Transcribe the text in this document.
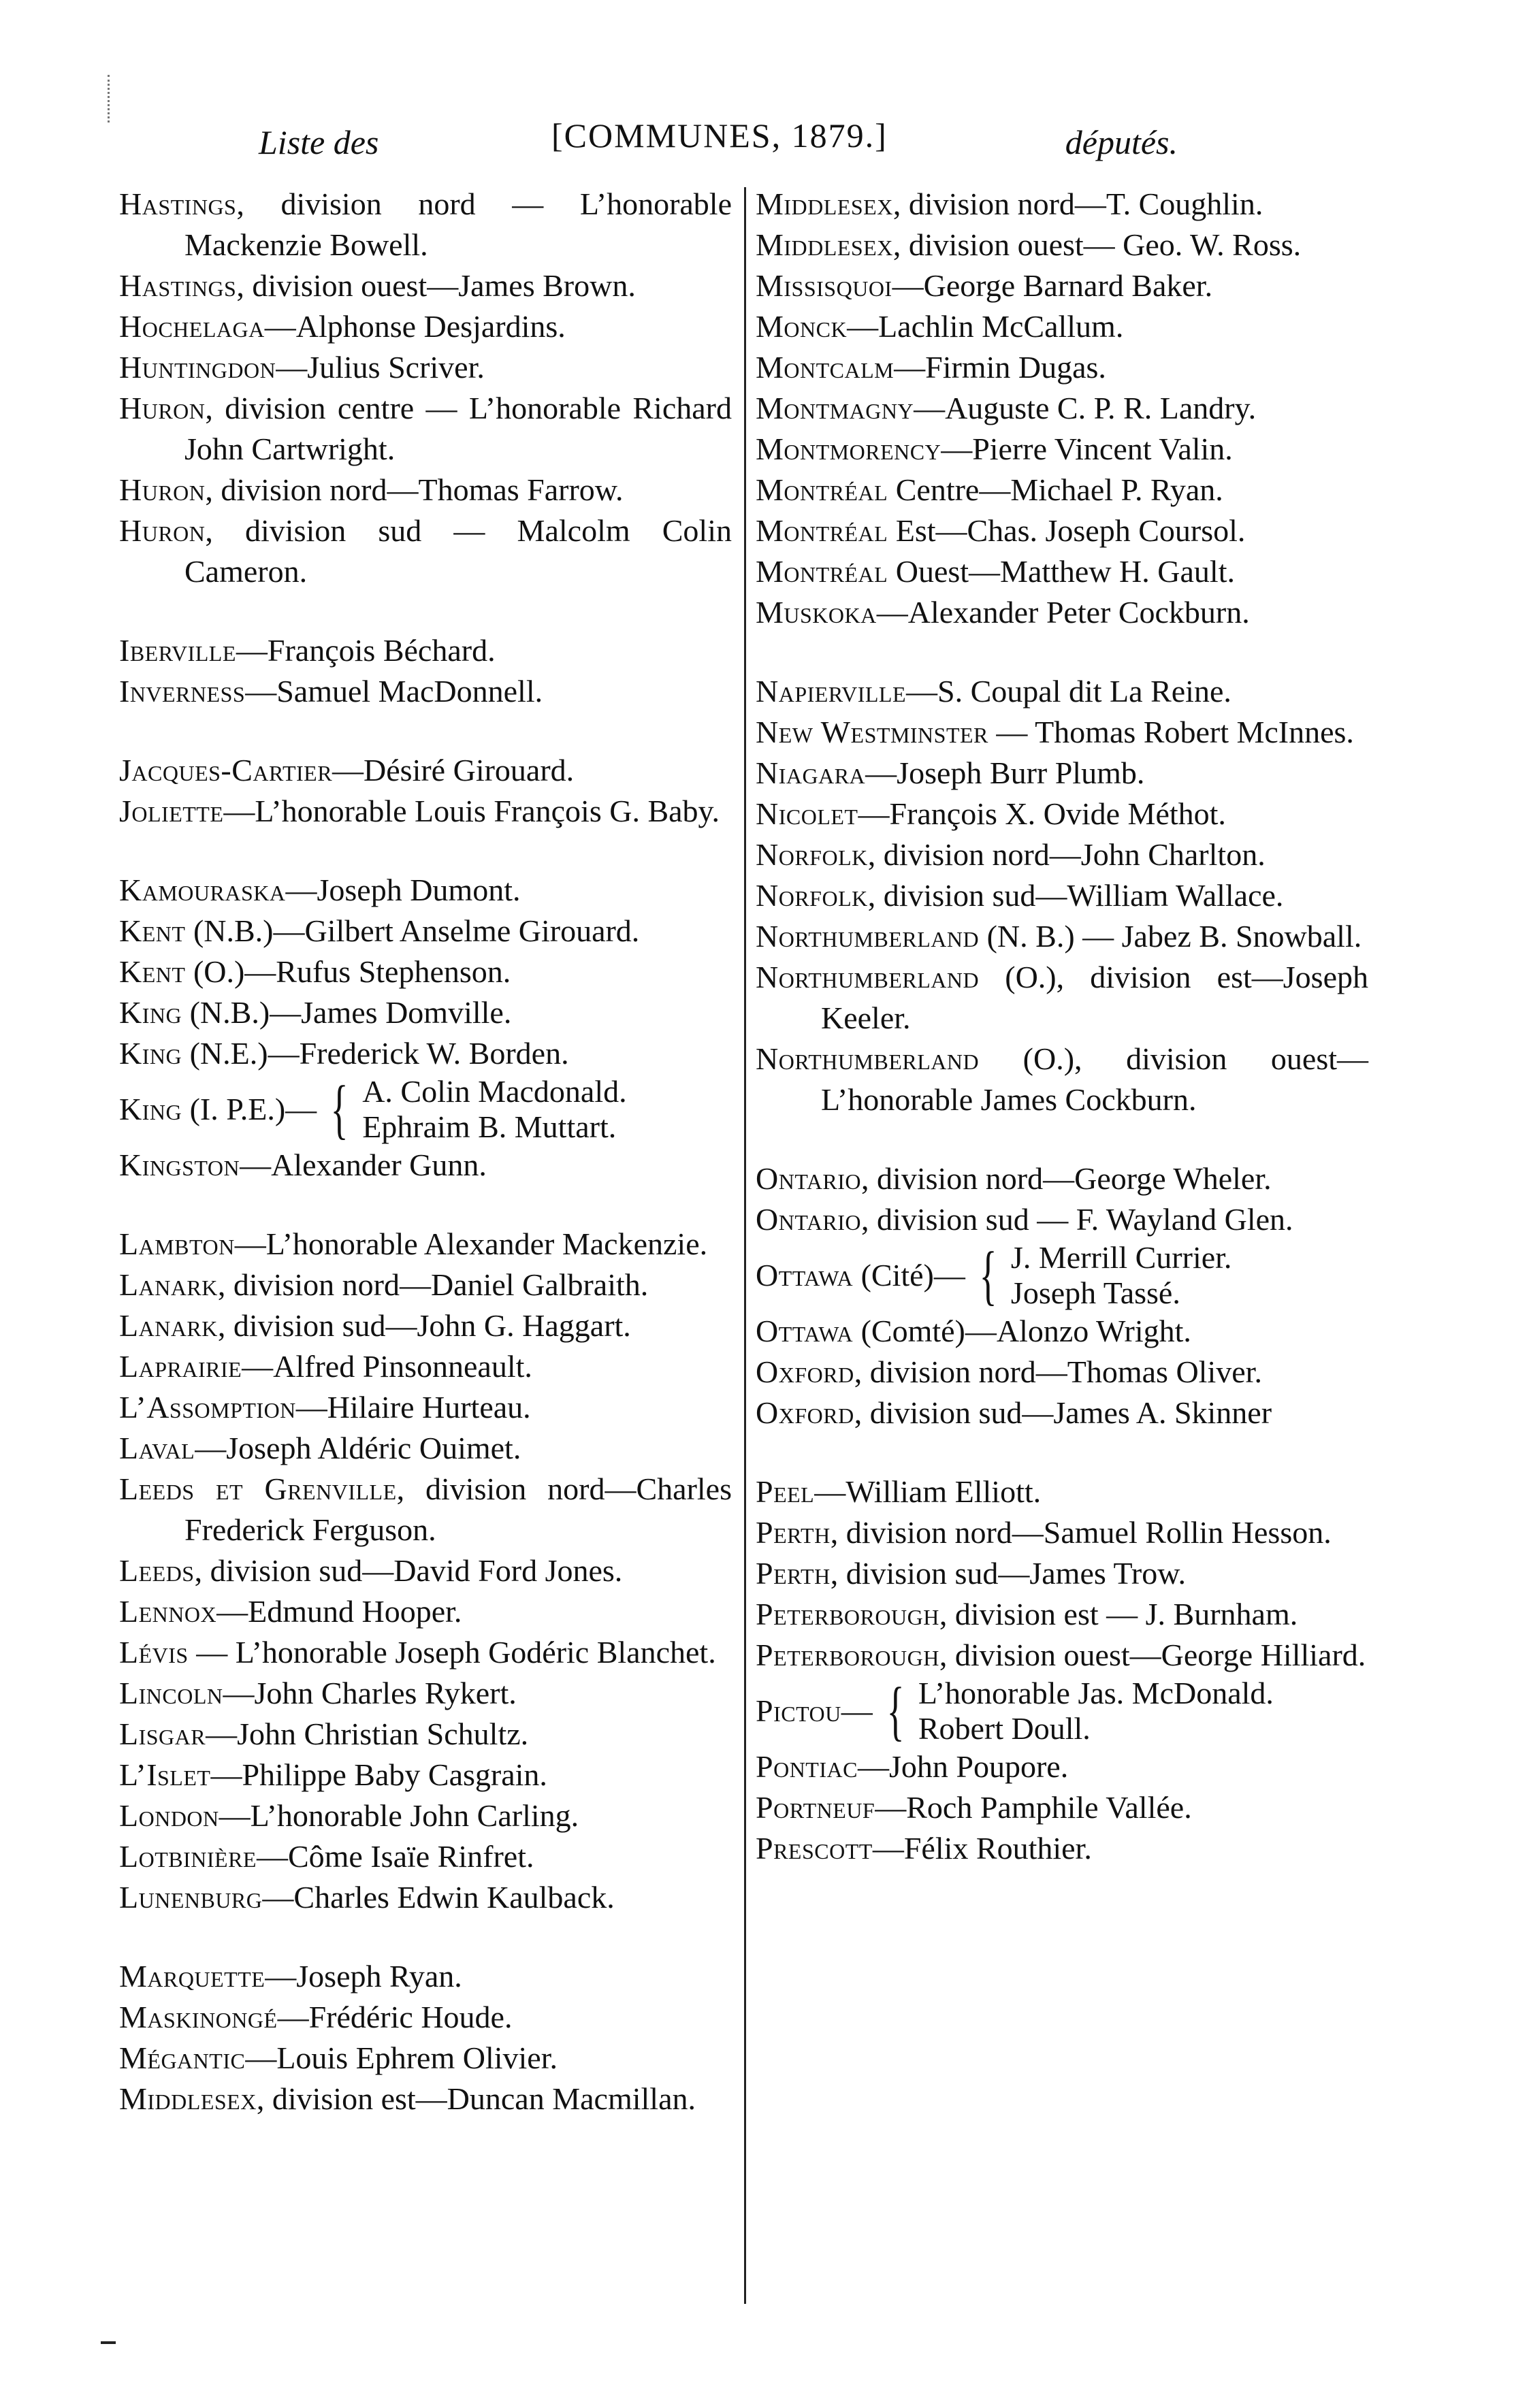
Liste des	[COMMUNES, 1879.]	députés.
Hastings, division nord — L’honorable Mackenzie Bowell.
Hastings, division ouest—James Brown.
Hochelaga—Alphonse Desjardins.
Huntingdon—Julius Scriver.
Huron, division centre — L’honorable Richard John Cartwright.
Huron, division nord—Thomas Farrow.
Huron, division sud — Malcolm Colin Cameron.
Iberville—François Béchard.
Inverness—Samuel MacDonnell.
Jacques-Cartier—Désiré Girouard.
Joliette—L’honorable Louis François G. Baby.
Kamouraska—Joseph Dumont.
Kent (N.B.)—Gilbert Anselme Girouard.
Kent (O.)—Rufus Stephenson.
King (N.B.)—James Domville.
King (N.E.)—Frederick W. Borden.
King (I. P.E.)— { A. Colin Macdonald.
Ephraim B. Muttart.
Kingston—Alexander Gunn.
Lambton—L’honorable Alexander Mackenzie.
Lanark, division nord—Daniel Galbraith.
Lanark, division sud—John G. Haggart.
Laprairie—Alfred Pinsonneault.
L’Assomption—Hilaire Hurteau.
Laval—Joseph Aldéric Ouimet.
Leeds et Grenville, division nord—Charles Frederick Ferguson.
Leeds, division sud—David Ford Jones.
Lennox—Edmund Hooper.
Lévis — L’honorable Joseph Godéric Blanchet.
Lincoln—John Charles Rykert.
Lisgar—John Christian Schultz.
L’Islet—Philippe Baby Casgrain.
London—L’honorable John Carling.
Lotbinière—Côme Isaïe Rinfret.
Lunenburg—Charles Edwin Kaulback.
Marquette—Joseph Ryan.
Maskinongé—Frédéric Houde.
Mégantic—Louis Ephrem Olivier.
Middlesex, division est—Duncan Macmillan.
Middlesex, division nord—T. Coughlin.
Middlesex, division ouest— Geo. W. Ross.
Missisquoi—George Barnard Baker.
Monck—Lachlin McCallum.
Montcalm—Firmin Dugas.
Montmagny—Auguste C. P. R. Landry.
Montmorency—Pierre Vincent Valin.
Montréal Centre—Michael P. Ryan.
Montréal Est—Chas. Joseph Coursol.
Montréal Ouest—Matthew H. Gault.
Muskoka—Alexander Peter Cockburn.
Napierville—S. Coupal dit La Reine.
New Westminster — Thomas Robert McInnes.
Niagara—Joseph Burr Plumb.
Nicolet—François X. Ovide Méthot.
Norfolk, division nord—John Charlton.
Norfolk, division sud—William Wallace.
Northumberland (N. B.) — Jabez B. Snowball.
Northumberland (O.), division est—Joseph Keeler.
Northumberland (O.), division ouest—L’honorable James Cockburn.
Ontario, division nord—George Wheler.
Ontario, division sud — F. Wayland Glen.
Ottawa (Cité)— { J. Merrill Currier.
Joseph Tassé.
Ottawa (Comté)—Alonzo Wright.
Oxford, division nord—Thomas Oliver.
Oxford, division sud—James A. Skinner
Peel—William Elliott.
Perth, division nord—Samuel Rollin Hesson.
Perth, division sud—James Trow.
Peterborough, division est — J. Burnham.
Peterborough, division ouest—George Hilliard.
Pictou— { L’honorable Jas. McDonald.
Robert Doull.
Pontiac—John Poupore.
Portneuf—Roch Pamphile Vallée.
Prescott—Félix Routhier.
